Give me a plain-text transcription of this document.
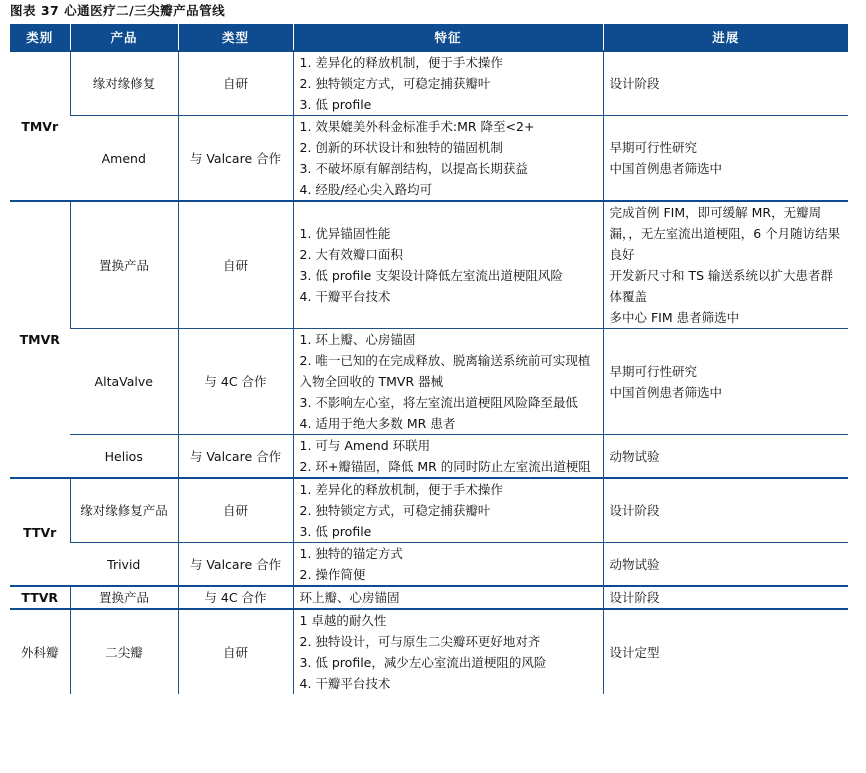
图表 37 心通医疗二/三尖瓣产品管线
类别	产品	类型	特征	进展
TMVr	缘对缘修复	自研	1. 差异化的释放机制，便于手术操作
2. 独特锁定方式，可稳定捕获瓣叶
3. 低 profile	设计阶段

	Amend	与 Valcare 合作	1. 效果媲美外科金标准手术:MR 降至<2+
2. 创新的环状设计和独特的锚固机制
3. 不破坏原有解剖结构，以提高长期获益
4. 经股/经心尖入路均可	早期可行性研究
中国首例患者筛选中

TMVR	置换产品	自研	1. 优异锚固性能
2. 大有效瓣口面积
3. 低 profile 支架设计降低左室流出道梗阻风险
4. 干瓣平台技术	完成首例 FIM，即可缓解 MR，无瓣周漏，，无左室流出道梗阻，6 个月随访结果良好
开发新尺寸和 TS 输送系统以扩大患者群体覆盖
多中心 FIM 患者筛选中

	AltaValve	与 4C 合作	1. 环上瓣、心房锚固
2. 唯一已知的在完成释放、脱离输送系统前可实现植入物全回收的 TMVR 器械
3. 不影响左心室，将左室流出道梗阻风险降至最低
4. 适用于绝大多数 MR 患者	早期可行性研究
中国首例患者筛选中

	Helios	与 Valcare 合作	1. 可与 Amend 环联用
2. 环+瓣锚固，降低 MR 的同时防止左室流出道梗阻	动物试验

TTVr	缘对缘修复产品	自研	1. 差异化的释放机制，便于手术操作
2. 独特锁定方式，可稳定捕获瓣叶
3. 低 profile	设计阶段

	Trivid	与 Valcare 合作	1. 独特的锚定方式
2. 操作简便	动物试验

TTVR	置换产品	与 4C 合作	环上瓣、心房锚固	设计阶段

外科瓣	二尖瓣	自研	1 卓越的耐久性
2. 独特设计，可与原生二尖瓣环更好地对齐
3. 低 profile，减少左心室流出道梗阻的风险
4. 干瓣平台技术	设计定型
